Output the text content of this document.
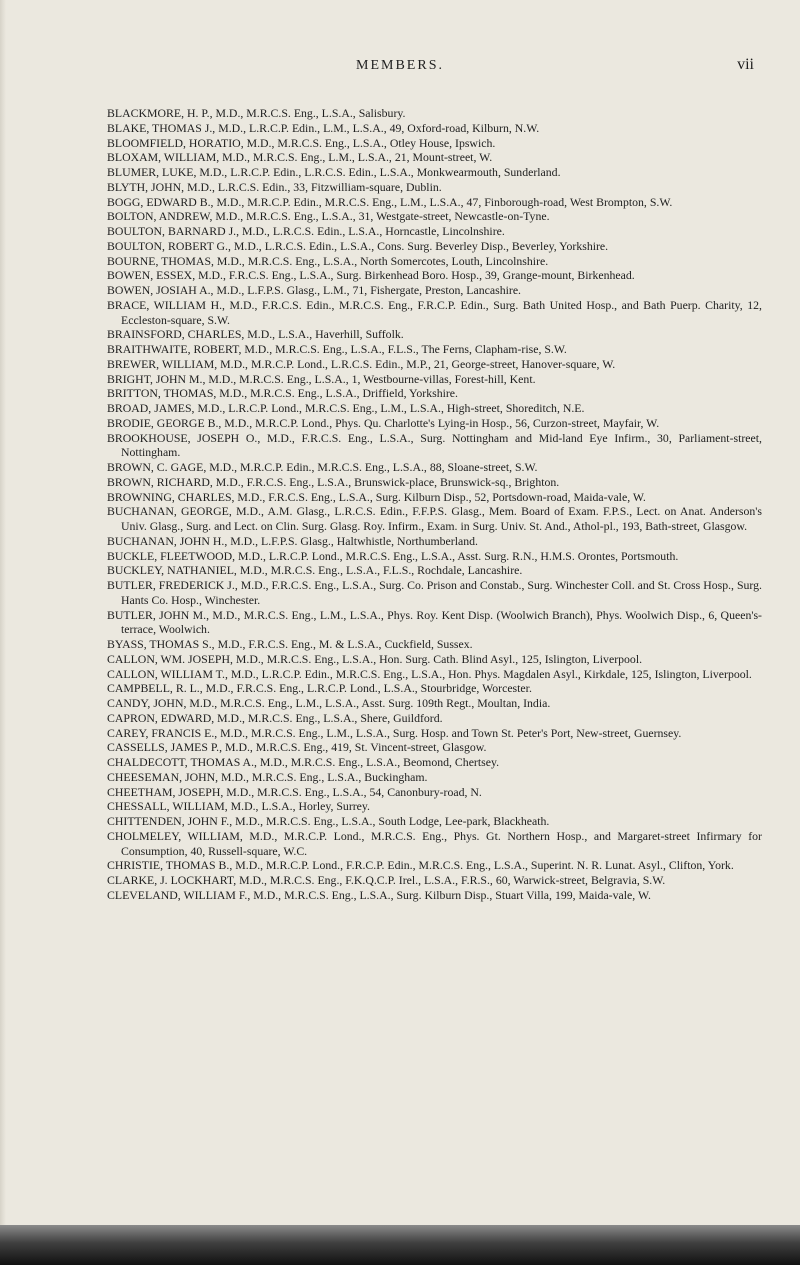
MEMBERS.	vii

BLACKMORE, H. P., M.D., M.R.C.S. Eng., L.S.A., Salisbury.

BLAKE, THOMAS J., M.D., L.R.C.P. Edin., L.M., L.S.A., 49, Oxford-road, Kilburn, N.W.

BLOOMFIELD, HORATIO, M.D., M.R.C.S. Eng., L.S.A., Otley House, Ipswich.

BLOXAM, WILLIAM, M.D., M.R.C.S. Eng., L.M., L.S.A., 21, Mount-street, W.

BLUMER, LUKE, M.D., L.R.C.P. Edin., L.R.C.S. Edin., L.S.A., Monkwearmouth, Sunderland.

BLYTH, JOHN, M.D., L.R.C.S. Edin., 33, Fitzwilliam-square, Dublin.

BOGG, EDWARD B., M.D., M.R.C.P. Edin., M.R.C.S. Eng., L.M., L.S.A., 47, Finborough-road, West Brompton, S.W.

BOLTON, ANDREW, M.D., M.R.C.S. Eng., L.S.A., 31, Westgate-street, Newcastle-on-Tyne.

BOULTON, BARNARD J., M.D., L.R.C.S. Edin., L.S.A., Horncastle, Lincolnshire.

BOULTON, ROBERT G., M.D., L.R.C.S. Edin., L.S.A., Cons. Surg. Beverley Disp., Beverley, Yorkshire.

BOURNE, THOMAS, M.D., M.R.C.S. Eng., L.S.A., North Somercotes, Louth, Lincolnshire.

BOWEN, ESSEX, M.D., F.R.C.S. Eng., L.S.A., Surg. Birkenhead Boro. Hosp., 39, Grange-mount, Birkenhead.

BOWEN, JOSIAH A., M.D., L.F.P.S. Glasg., L.M., 71, Fishergate, Preston, Lancashire.

BRACE, WILLIAM H., M.D., F.R.C.S. Edin., M.R.C.S. Eng., F.R.C.P. Edin., Surg. Bath United Hosp., and Bath Puerp. Charity, 12, Eccleston-square, S.W.

BRAINSFORD, CHARLES, M.D., L.S.A., Haverhill, Suffolk.

BRAITHWAITE, ROBERT, M.D., M.R.C.S. Eng., L.S.A., F.L.S., The Ferns, Clapham-rise, S.W.

BREWER, WILLIAM, M.D., M.R.C.P. Lond., L.R.C.S. Edin., M.P., 21, George-street, Hanover-square, W.

BRIGHT, JOHN M., M.D., M.R.C.S. Eng., L.S.A., 1, Westbourne-villas, Forest-hill, Kent.

BRITTON, THOMAS, M.D., M.R.C.S. Eng., L.S.A., Driffield, Yorkshire.

BROAD, JAMES, M.D., L.R.C.P. Lond., M.R.C.S. Eng., L.M., L.S.A., High-street, Shoreditch, N.E.

BRODIE, GEORGE B., M.D., M.R.C.P. Lond., Phys. Qu. Charlotte's Lying-in Hosp., 56, Curzon-street, Mayfair, W.

BROOKHOUSE, JOSEPH O., M.D., F.R.C.S. Eng., L.S.A., Surg. Nottingham and Mid-land Eye Infirm., 30, Parliament-street, Nottingham.

BROWN, C. GAGE, M.D., M.R.C.P. Edin., M.R.C.S. Eng., L.S.A., 88, Sloane-street, S.W.

BROWN, RICHARD, M.D., F.R.C.S. Eng., L.S.A., Brunswick-place, Brunswick-sq., Brighton.

BROWNING, CHARLES, M.D., F.R.C.S. Eng., L.S.A., Surg. Kilburn Disp., 52, Portsdown-road, Maida-vale, W.

BUCHANAN, GEORGE, M.D., A.M. Glasg., L.R.C.S. Edin., F.F.P.S. Glasg., Mem. Board of Exam. F.P.S., Lect. on Anat. Anderson's Univ. Glasg., Surg. and Lect. on Clin. Surg. Glasg. Roy. Infirm., Exam. in Surg. Univ. St. And., Athol-pl., 193, Bath-street, Glasgow.

BUCHANAN, JOHN H., M.D., L.F.P.S. Glasg., Haltwhistle, Northumberland.

BUCKLE, FLEETWOOD, M.D., L.R.C.P. Lond., M.R.C.S. Eng., L.S.A., Asst. Surg. R.N., H.M.S. Orontes, Portsmouth.

BUCKLEY, NATHANIEL, M.D., M.R.C.S. Eng., L.S.A., F.L.S., Rochdale, Lancashire.

BUTLER, FREDERICK J., M.D., F.R.C.S. Eng., L.S.A., Surg. Co. Prison and Constab., Surg. Winchester Coll. and St. Cross Hosp., Surg. Hants Co. Hosp., Winchester.

BUTLER, JOHN M., M.D., M.R.C.S. Eng., L.M., L.S.A., Phys. Roy. Kent Disp. (Woolwich Branch), Phys. Woolwich Disp., 6, Queen's-terrace, Woolwich.

BYASS, THOMAS S., M.D., F.R.C.S. Eng., M. & L.S.A., Cuckfield, Sussex.

CALLON, WM. JOSEPH, M.D., M.R.C.S. Eng., L.S.A., Hon. Surg. Cath. Blind Asyl., 125, Islington, Liverpool.

CALLON, WILLIAM T., M.D., L.R.C.P. Edin., M.R.C.S. Eng., L.S.A., Hon. Phys. Magdalen Asyl., Kirkdale, 125, Islington, Liverpool.

CAMPBELL, R. L., M.D., F.R.C.S. Eng., L.R.C.P. Lond., L.S.A., Stourbridge, Worcester.

CANDY, JOHN, M.D., M.R.C.S. Eng., L.M., L.S.A., Asst. Surg. 109th Regt., Moultan, India.

CAPRON, EDWARD, M.D., M.R.C.S. Eng., L.S.A., Shere, Guildford.

CAREY, FRANCIS E., M.D., M.R.C.S. Eng., L.M., L.S.A., Surg. Hosp. and Town St. Peter's Port, New-street, Guernsey.

CASSELLS, JAMES P., M.D., M.R.C.S. Eng., 419, St. Vincent-street, Glasgow.

CHALDECOTT, THOMAS A., M.D., M.R.C.S. Eng., L.S.A., Beomond, Chertsey.

CHEESEMAN, JOHN, M.D., M.R.C.S. Eng., L.S.A., Buckingham.

CHEETHAM, JOSEPH, M.D., M.R.C.S. Eng., L.S.A., 54, Canonbury-road, N.

CHESSALL, WILLIAM, M.D., L.S.A., Horley, Surrey.

CHITTENDEN, JOHN F., M.D., M.R.C.S. Eng., L.S.A., South Lodge, Lee-park, Blackheath.

CHOLMELEY, WILLIAM, M.D., M.R.C.P. Lond., M.R.C.S. Eng., Phys. Gt. Northern Hosp., and Margaret-street Infirmary for Consumption, 40, Russell-square, W.C.

CHRISTIE, THOMAS B., M.D., M.R.C.P. Lond., F.R.C.P. Edin., M.R.C.S. Eng., L.S.A., Superint. N. R. Lunat. Asyl., Clifton, York.

CLARKE, J. LOCKHART, M.D., M.R.C.S. Eng., F.K.Q.C.P. Irel., L.S.A., F.R.S., 60, Warwick-street, Belgravia, S.W.

CLEVELAND, WILLIAM F., M.D., M.R.C.S. Eng., L.S.A., Surg. Kilburn Disp., Stuart Villa, 199, Maida-vale, W.
